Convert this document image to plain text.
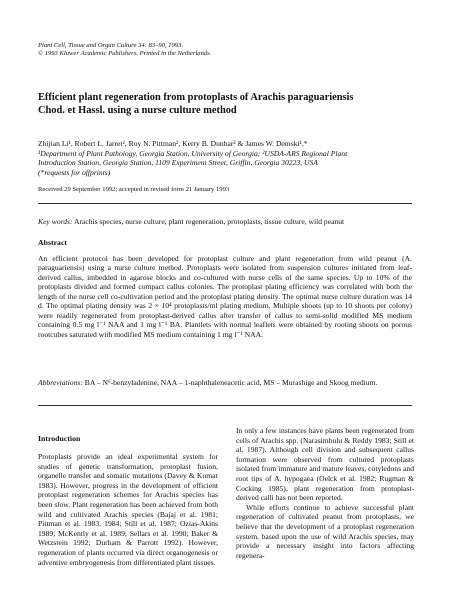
Plant Cell, Tissue and Organ Culture 34: 83–90, 1993.
© 1993 Kluwer Academic Publishers. Printed in the Netherlands.
Efficient plant regeneration from protoplasts of Arachis paraguariensis
Chod. et Hassl. using a nurse culture method
Zhijian Li¹, Robert L. Jarret², Roy N. Pittman², Kerry B. Dunbar² & James W. Demski¹,*
¹Department of Plant Pathology, Georgia Station, University of Georgia; ²USDA-ARS Regional Plant
Introduction Station, Georgia Station, 1109 Experiment Street, Griffin, Georgia 30223, USA
(*requests for offprints)
Received 29 September 1992; accepted in revised form 21 January 1993
Key words: Arachis species, nurse culture, plant regeneration, protoplasts, tissue culture, wild peanut
Abstract
An efficient protocol has been developed for protoplast culture and plant regeneration from wild peanut (A. paraguariensis) using a nurse culture method. Protoplasts were isolated from suspension cultures initiated from leaf-derived callus, imbedded in agarose blocks and co-cultured with nurse cells of the same species. Up to 10% of the protoplasts divided and formed compact callus colonies. The protoplast plating efficiency was correlated with both the length of the nurse cell co-cultivation period and the protoplast plating density. The optimal nurse culture duration was 14 d. The optimal plating density was 2 × 10⁴ protoplasts/ml plating medium. Multiple shoots (up to 10 shoots per colony) were readily regenerated from protoplast-derived callus after transfer of callus to semi-solid modified MS medium containing 0.5 mg l⁻¹ NAA and 1 mg l⁻¹ BA. Plantlets with normal leaflets were obtained by rooting shoots on porous rootcubes saturated with modified MS medium containing 1 mg l⁻¹ NAA.
Abbreviations: BA – N⁶-benzyladenine, NAA – 1-naphthaleneacetic acid, MS – Murashige and Skoog medium.
Introduction

Protoplasts provide an ideal experimental system for studies of genetic transformation, protoplast fusion, organelle transfer and somatic mutations (Davey & Kumar 1983). However, progress in the development of efficient protoplast regeneration schemes for Arachis species has been slow. Plant regeneration has been achieved from both wild and cultivated Arachis species (Bajaj et al. 1981; Pittman et al. 1983, 1984; Still et al. 1987; Ozias-Akins 1989; McKently et al. 1989; Sellars et al. 1990; Baker & Wetzstein 1992; Durham & Parrott 1992). However, regeneration of plants occurred via direct organogenesis or adventive embryogenesis from differentiated plant tissues.

In only a few instances have plants been regenerated from cells of Arachis spp. (Narasimhulu & Reddy 1983; Still et al. 1987). Although cell division and subsequent callus formation were observed from cultured protoplasts isolated from immature and mature leaves, cotyledons and root tips of A. hypogaea (Oelck et al. 1982; Rugman & Cocking 1985), plant regeneration from protoplast-derived calli has not been reported.

While efforts continue to achieve successful plant regeneration of cultivated peanut from protoplasts, we believe that the development of a protoplast regeneration system, based upon the use of wild Arachis species, may provide a necessary insight into factors affecting regenera-
